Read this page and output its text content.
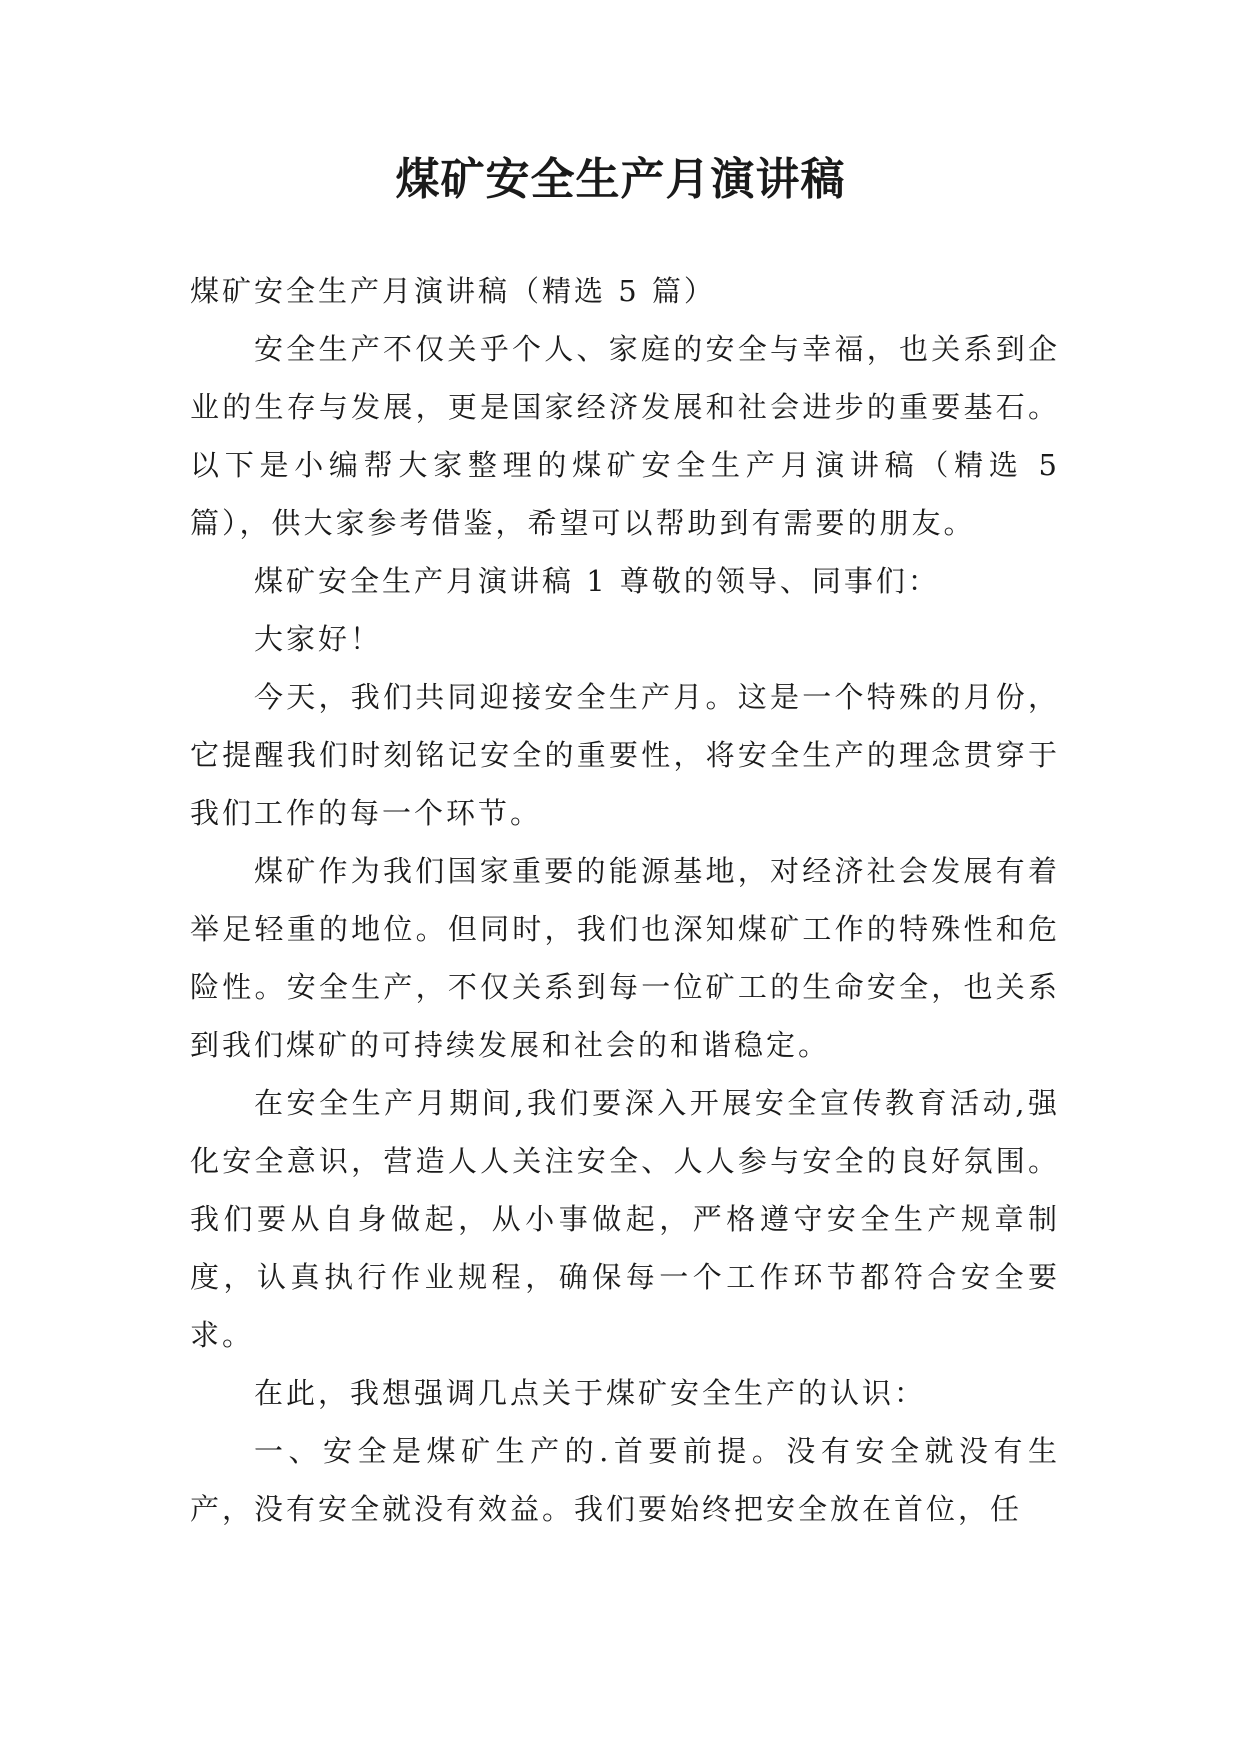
煤矿安全生产月演讲稿

煤矿安全生产月演讲稿（精选 5 篇）

安全生产不仅关乎个人、家庭的安全与幸福，也关系到企业的生存与发展，更是国家经济发展和社会进步的重要基石。以下是小编帮大家整理的煤矿安全生产月演讲稿（精选 5 篇），供大家参考借鉴，希望可以帮助到有需要的朋友。

煤矿安全生产月演讲稿 1 尊敬的领导、同事们：

大家好！

今天，我们共同迎接安全生产月。这是一个特殊的月份，它提醒我们时刻铭记安全的重要性，将安全生产的理念贯穿于我们工作的每一个环节。

煤矿作为我们国家重要的能源基地，对经济社会发展有着举足轻重的地位。但同时，我们也深知煤矿工作的特殊性和危险性。安全生产，不仅关系到每一位矿工的生命安全，也关系到我们煤矿的可持续发展和社会的和谐稳定。

在安全生产月期间,我们要深入开展安全宣传教育活动,强化安全意识，营造人人关注安全、人人参与安全的良好氛围。我们要从自身做起，从小事做起，严格遵守安全生产规章制度，认真执行作业规程，确保每一个工作环节都符合安全要求。

在此，我想强调几点关于煤矿安全生产的认识：

一、安全是煤矿生产的.首要前提。没有安全就没有生产，没有安全就没有效益。我们要始终把安全放在首位，任
